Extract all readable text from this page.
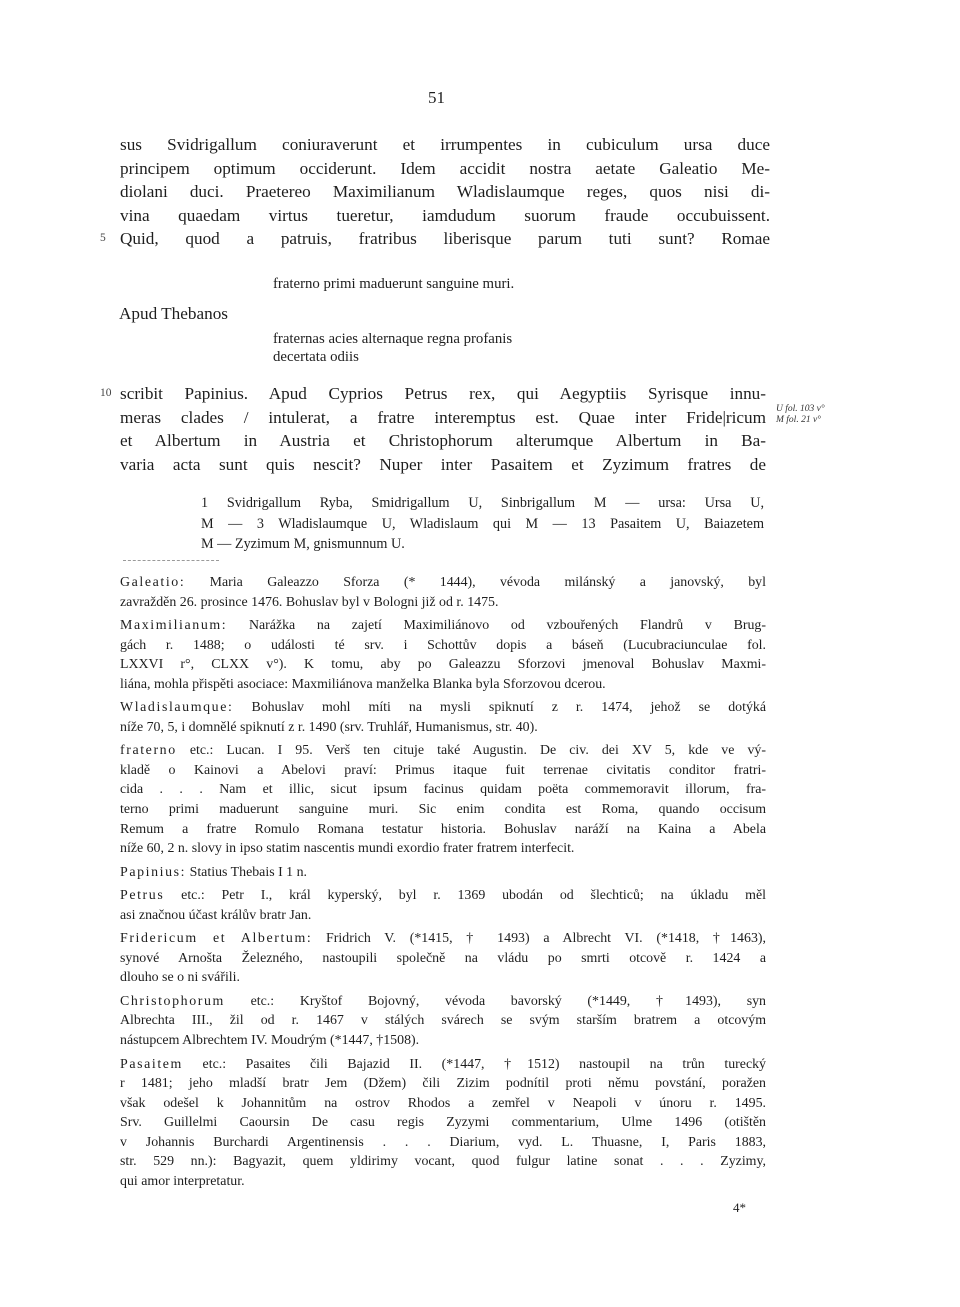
51
sus Svidrigallum coniuraverunt et irrumpentes in cubiculum ursa duce
principem optimum occiderunt. Idem accidit nostra aetate Galeatio Me-
diolani duci. Praetereo Maximilianum Wladislaumque reges, quos nisi di-
vina quaedam virtus tueretur, iamdudum suorum fraude occubuissent.
5 Quid, quod a patruis, fratribus liberisque parum tuti sunt? Romae
Apud Thebanos
fraterno primi maduerunt sanguine muri.
fraternas acies alternaque regna profanis
decertata odiis
10 scribit Papinius. Apud Cyprios Petrus rex, qui Aegyptiis Syrisque innu-
meras clades / intulerat, a fratre interemptus est. Quae inter Fride|ricum
et Albertum in Austria et Christophorum alterumque Albertum in Ba-
varia acta sunt quis nescit? Nuper inter Pasaitem et Zyzimum fratres de
U fol. 103 v°
M fol. 21 v°
1 Svidrigallum Ryba, Smidrigallum U, Sinbrigallum M — ursa: Ursa U,
M — 3 Wladislaumque U, Wladislaum qui M — 13 Pasaitem U, Baiazetem
M — Zyzimum M, gnismunnum U.
Galeatio: Maria Galeazzo Sforza (* 1444), vévoda milánský a janovský, byl
zavražděn 26. prosince 1476. Bohuslav byl v Bologni již od r. 1475.
Maximilianum: Narážka na zajetí Maximiliánovo od vzbouřených Flandrů v Brug-
gách r. 1488; o události té srv. i Schottův dopis a báseň (Lucubraciunculae fol.
LXXVI r°, CLXX v°). K tomu, aby po Galeazzu Sforzovi jmenoval Bohuslav Maxmi-
liána, mohla přispěti asociace: Maxmiliánova manželka Blanka byla Sforzovou dcerou.
Wladislaumque: Bohuslav mohl míti na mysli spiknutí z r. 1474, jehož se dotýká
níže 70, 5, i domnělé spiknutí z r. 1490 (srv. Truhlář, Humanismus, str. 40).
fraterno etc.: Lucan. I 95. Verš ten cituje také Augustin. De civ. dei XV 5, kde ve vý-
kladě o Kainovi a Abelovi praví: Primus itaque fuit terrenae civitatis conditor fratri-
cida . . . Nam et illic, sicut ipsum facinus quidam poëta commemoravit illorum, fra-
terno primi maduerunt sanguine muri. Sic enim condita est Roma, quando occisum
Remum a fratre Romulo Romana testatur historia. Bohuslav naráží na Kaina a Abela
níže 60, 2 n. slovy in ipso statim nascentis mundi exordio frater fratrem interfecit.
Papinius: Statius Thebais I 1 n.
Petrus etc.: Petr I., král kyperský, byl r. 1369 ubodán od šlechticů; na úkladu měl
asi značnou účast králův bratr Jan.
Fridericum et Albertum: Fridrich V. (*1415, † 1493) a Albrecht VI. (*1418, †1463),
synové Arnošta Železného, nastoupili společně na vládu po smrti otcově r. 1424 a
dlouho se o ni svářili.
Christophorum etc.: Kryštof Bojovný, vévoda bavorský (*1449, †1493), syn
Albrechta III., žil od r. 1467 v stálých svárech se svým starším bratrem a otcovým
nástupcem Albrechtem IV. Moudrým (*1447, †1508).
Pasaitem etc.: Pasaites čili Bajazid II. (*1447, †1512) nastoupil na trůn turecký
r 1481; jeho mladší bratr Jem (Džem) čili Zizim podnítil proti němu povstání, poražen
však odešel k Johannitům na ostrov Rhodos a zemřel v Neapoli v únoru r. 1495.
Srv. Guillelmi Caoursin De casu regis Zyzymi commentarium, Ulme 1496 (otištěn
v Johannis Burchardi Argentinensis . . . Diarium, vyd. L. Thuasne, I, Paris 1883,
str. 529 nn.): Bagyazit, quem yldirimy vocant, quod fulgur latine sonat . . . Zyzimy,
qui amor interpretatur.
4*
